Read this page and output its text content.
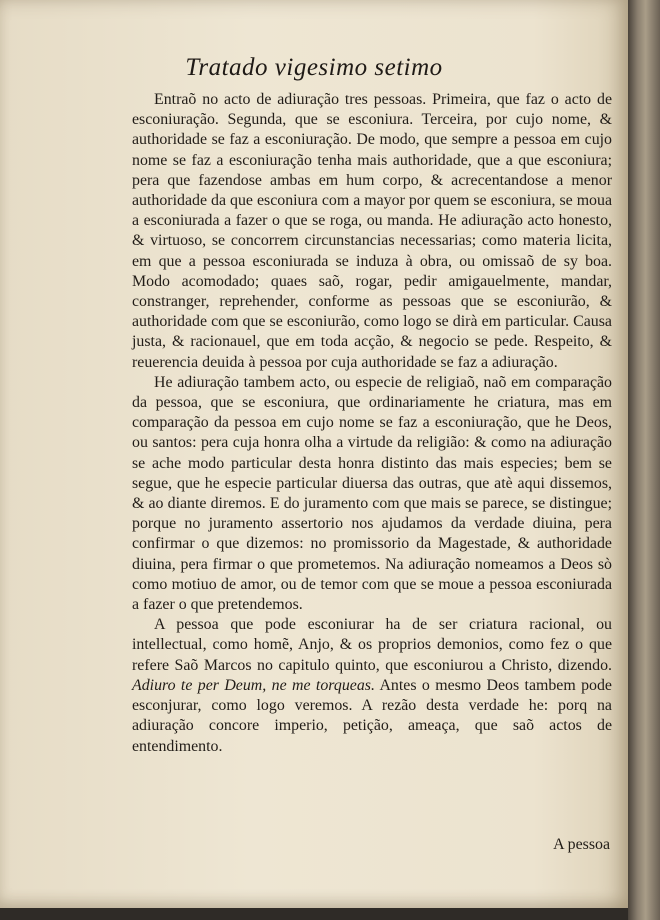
Tratado vigesimo setimo

Entraõ no acto de adiuração tres pessoas. Primeira, que faz o acto de esconiuração. Segunda, que se esconiura. Terceira, por cujo nome, & authoridade se faz a esconiuração. De modo, que sempre a pessoa em cujo nome se faz a esconiuração tenha mais authoridade, que a que esconiura; pera que fazendose ambas em hum corpo, & acrecentandose a menor authoridade da que esconiura com a mayor por quem se esconiura, se moua a esconiurada a fazer o que se roga, ou manda. He adiuração acto honesto, & virtuoso, se concorrem circunstancias necessarias; como materia licita, em que a pessoa esconiurada se induza à obra, ou omissaõ de sy boa. Modo acomodado; quaes saõ, rogar, pedir amigauelmente, mandar, constranger, reprehender, conforme as pessoas que se esconiurão, & authoridade com que se esconiurão, como logo se dirà em particular. Causa justa, & racionauel, que em toda acção, & negocio se pede. Respeito, & reuerencia deuida à pessoa por cuja authoridade se faz a adiuração.

He adiuração tambem acto, ou especie de religiaõ, naõ em comparação da pessoa, que se esconiura, que ordinariamente he criatura, mas em comparação da pessoa em cujo nome se faz a esconiuração, que he Deos, ou santos: pera cuja honra olha a virtude da religião: & como na adiuração se ache modo particular desta honra distinto das mais especies; bem se segue, que he especie particular diuersa das outras, que atè aqui dissemos, & ao diante diremos. E do juramento com que mais se parece, se distingue; porque no juramento assertorio nos ajudamos da verdade diuina, pera confirmar o que dizemos: no promissorio da Magestade, & authoridade diuina, pera firmar o que prometemos. Na adiuração nomeamos a Deos sò como motiuo de amor, ou de temor com que se moue a pessoa esconiurada a fazer o que pretendemos.

A pessoa que pode esconiurar ha de ser criatura racional, ou intellectual, como homẽ, Anjo, & os proprios demonios, como fez o que refere Saõ Marcos no capitulo quinto, que esconiurou a Christo, dizendo. Adiuro te per Deum, ne me torqueas. Antes o mesmo Deos tambem pode esconjurar, como logo veremos. A rezão desta verdade he: porq na adiuração concore imperio, petição, ameaça, que saõ actos de entendimento.

A pessoa
